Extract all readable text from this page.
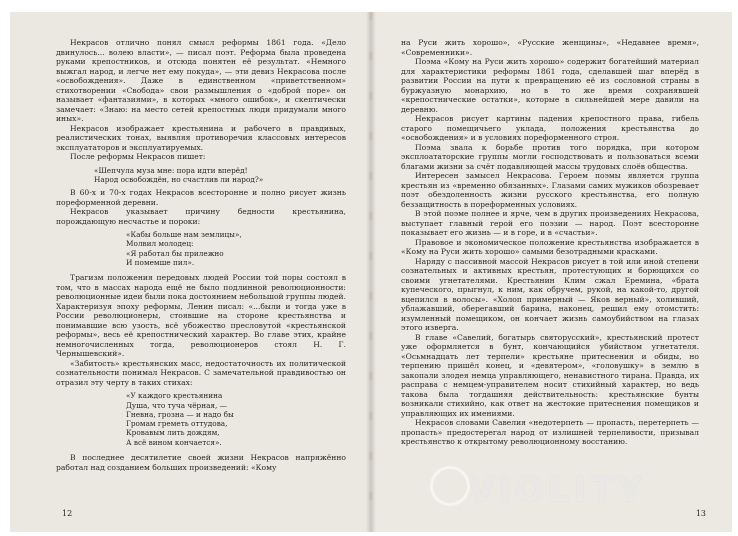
Некрасов отлично понял смысл реформы 1861 года. «Дело двинулось... волею власти», — писал поэт. Реформа была проведена руками крепостников, и отсюда понятен её результат. «Немного выжгал народ, и легче нет ему покуда», — эти девиз Некрасова после «освобождения». Даже в единственном «приветственном» стихотворении «Свобода» свои размышления о «доброй поре» он называет «фантазиями», в которых «много ошибок», и скептически замечает: «Знаю: на место сетей крепостных люди придумали много иных».

Некрасов изображает крестьянина и рабочего в правдивых, реалистических тонах, выявляя противоречия классовых интересов эксплуататоров и эксплуатируемых.

После реформы Некрасов пишет:

«Шепчула муза мне: пора идти вперёд!
Народ освобождён, но счастлив ли народ?»

В 60-х и 70-х годах Некрасов всесторонне и полно рисует жизнь пореформенной деревни.

Некрасов указывает причину бедности крестьянина, порождающую несчастье и пороки:

«Кабы больше нам землицы»,
Молвил молодец:
«Я работал бы прилежно
И помемше пил».

Трагизм положения передовых людей России той поры состоял в том, что в массах народа ещё не было подлинной революционности: революционные идеи были пока достоянием небольшой группы людей. Характеризуя эпоху реформы, Ленин писал: «...были и тогда уже в России революционеры, стоявшие на стороне крестьянства и понимавшие всю узость, всё убожество пресловутой «крестьянской реформы», весь её крепостнический характер. Во главе этих, крайне немногочисленных тогда, революционеров стоял Н. Г. Чернышевский».

«Забитость» крестьянских масс, недостаточность их политической сознательности понимал Некрасов. С замечательной правдивостью он отразил эту черту в таких стихах:

«У каждого крестьянина
Душа, что туча чёрная, —
Гневна, грозна — и надо бы
Громам греметь оттудова,
Кровавым лить дождям,
А всё вином кончается».

В последнее десятилетие своей жизни Некрасов напряжённо работал над созданием больших произведений: «Кому

12

на Руси жить хорошо», «Русские женщины», «Недавнее время», «Современники».

Поэма «Кому на Руси жить хорошо» содержит богатейший материал для характеристики реформы 1861 года, сделавшей шаг вперёд в развитии России на пути к превращению её из сословной страны в буржуазную монархию, но в то же время сохранявшей «крепостнические остатки», которые в сильнейшей мере давили на деревню.

Некрасов рисует картины падения крепостного права, гибель старого помещичьего уклада, положения крестьянства до «освобождения» и в условиях пореформенного строя.

Поэма звала к борьбе против того порядка, при котором эксплоататорские группы могли господствовать и пользоваться всеми благами жизни за счёт подавляющей массы трудовых слоёв общества.

Интересен замысел Некрасова. Героем поэмы является группа крестьян из «временно обязанных». Глазами самих мужиков обозревает поэт обездоленность жизни русского крестьянства, его полную беззащитность в пореформенных условиях.

В этой поэме полнее и ярче, чем в других произведениях Некрасова, выступает главный герой его поэзии — народ. Поэт всесторонне показывает его жизнь — и в горе, и в «счастьи».

Правовое и экономическое положение крестьянства изображается в «Кому на Руси жить хорошо» самыми безотрадными красками.

Наряду с пассивной массой Некрасов рисует в той или иной степени сознательных и активных крестьян, протестующих и борющихся со своими угнетателями. Крестьянин Клим сжал Еремина, «брата купеческого, прыгнул, к ним, как обручем, рукой, на какой-то, другой вцепился в волосы». «Холоп примерный — Яков верный», холивший, ублажавший, оберегавший барина, наконец, решил ему отомстить: изумленный помещиком, он кончает жизнь самоубийством на глазах этого изверга.

В главе «Савелий, богатырь святорусский», крестьянский протест уже оформляется в бунт, кончающийся убийством угнетателя. «Осьмнадцать лет терпели» крестьяне притеснения и обиды, но терпению пришёл конец, и «девятером», «головушку» в землю в закопали злодея немца управляющего, ненавистного тирана. Правда, их расправа с немцем-управителем носит стихийный характер, но ведь такова была тогдашняя действительность: крестьянские бунты возникали стихийно, как ответ на жестокие притеснения помещиков и управляющих их имениями.

Некрасов словами Савелия «недотерпеть — пропасть, перетерпеть — пропасть» предостерегал народ от излишней терпеливости, призывал крестьянство к открытому революционному восстанию.

13
VIOLITY
